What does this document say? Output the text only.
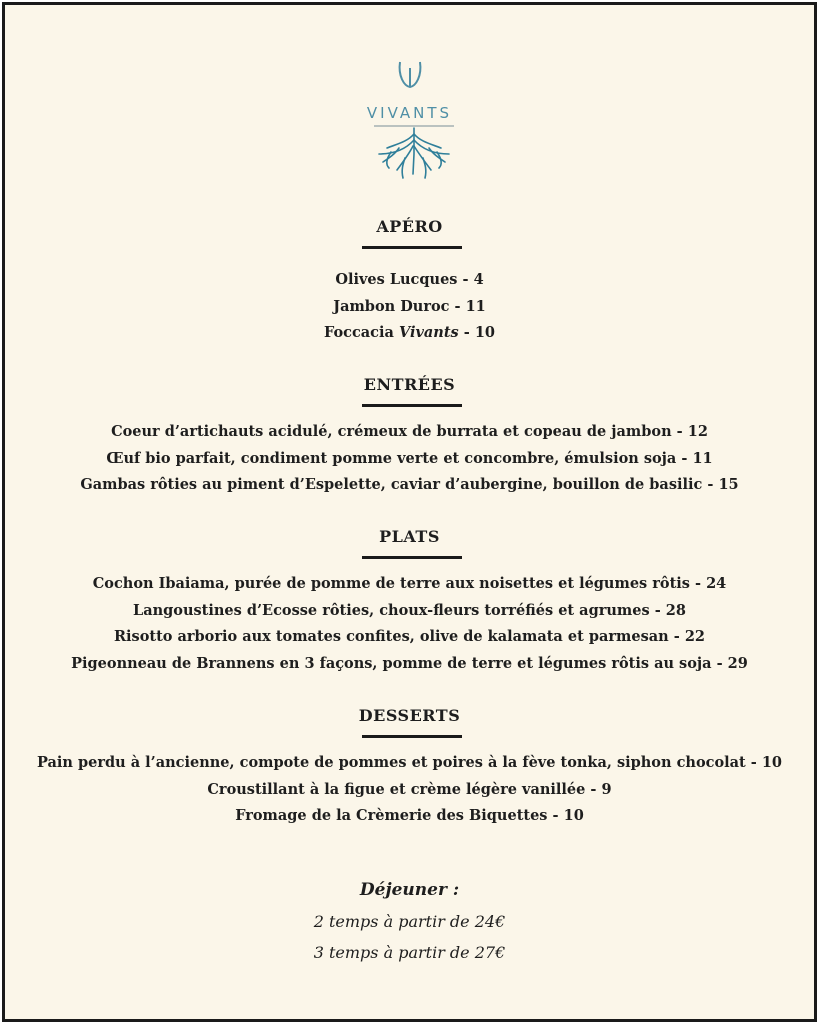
VIVANTS
APÉRO
Olives Lucques - 4
Jambon Duroc - 11
Foccacia Vivants - 10
ENTRÉES
Coeur d’artichauts acidulé, crémeux de burrata et copeau de jambon - 12
Œuf bio parfait, condiment pomme verte et concombre, émulsion soja - 11
Gambas rôties au piment d’Espelette, caviar d’aubergine, bouillon de basilic - 15
PLATS
Cochon Ibaiama, purée de pomme de terre aux noisettes et légumes rôtis - 24
Langoustines d’Ecosse rôties, choux-fleurs torréfiés et agrumes - 28
Risotto arborio aux tomates confites, olive de kalamata et parmesan - 22
Pigeonneau de Brannens en 3 façons, pomme de terre et légumes rôtis au soja - 29
DESSERTS
Pain perdu à l’ancienne, compote de pommes et poires à la fève tonka, siphon chocolat - 10
Croustillant à la figue et crème légère vanillée - 9
Fromage de la Crèmerie des Biquettes - 10
Déjeuner :
2 temps à partir de 24€
3 temps à partir de 27€
